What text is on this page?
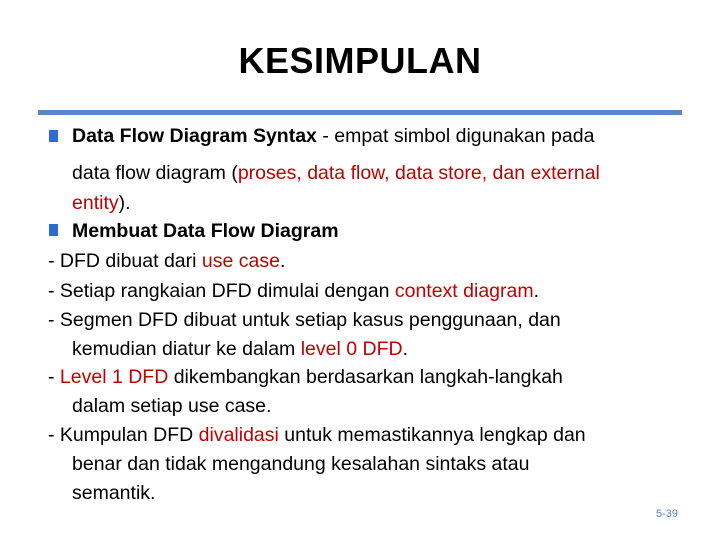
KESIMPULAN
Data Flow Diagram Syntax - empat simbol digunakan pada
data flow diagram (proses, data flow, data store, dan external
entity).
Membuat Data Flow Diagram
- DFD dibuat dari use case.
- Setiap rangkaian DFD dimulai dengan context diagram.
- Segmen DFD dibuat untuk setiap kasus penggunaan, dan
kemudian diatur ke dalam level 0 DFD.
- Level 1 DFD dikembangkan berdasarkan langkah-langkah
dalam setiap use case.
- Kumpulan DFD divalidasi untuk memastikannya lengkap dan
benar dan tidak mengandung kesalahan sintaks atau
semantik.
5-39
